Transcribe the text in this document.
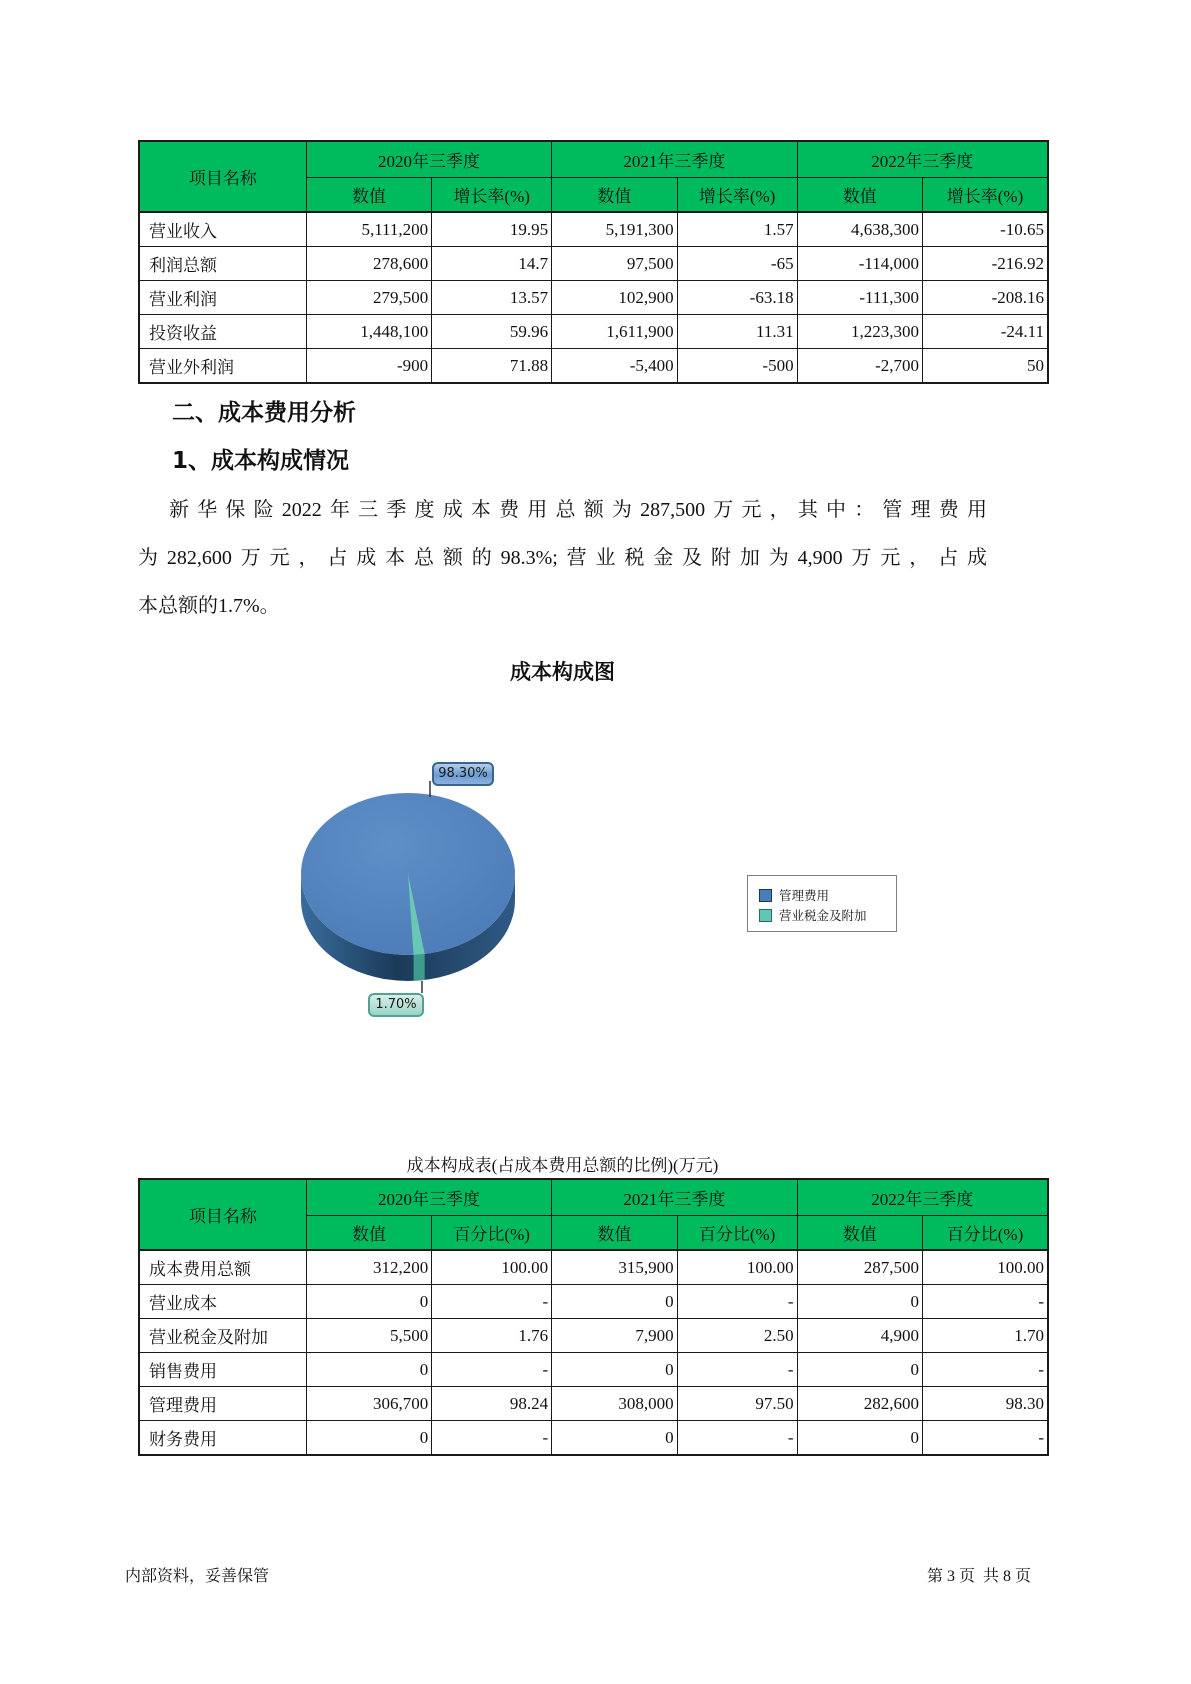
项目名称	2020年三季度		2021年三季度		2022年三季度	
	数值	增长率(%)	数值	增长率(%)	数值	增长率(%)
营业收入	5,111,200	19.95	5,191,300	1.57	4,638,300	-10.65
利润总额	278,600	14.7	97,500	-65	-114,000	-216.92
营业利润	279,500	13.57	102,900	-63.18	-111,300	-208.16
投资收益	1,448,100	59.96	1,611,900	11.31	1,223,300	-24.11
营业外利润	-900	71.88	-5,400	-500	-2,700	50
二、成本费用分析
1、成本构成情况
新华保险2022年三季度成本费用总额为287,500万元，其中：管理费用
为282,600万元，占成本总额的98.3%;营业税金及附加为4,900万元，占成
本总额的1.7%。
成本构成图
98.30%
1.70%
管理费用
营业税金及附加
成本构成表(占成本费用总额的比例)(万元)
项目名称	2020年三季度		2021年三季度		2022年三季度	
	数值	百分比(%)	数值	百分比(%)	数值	百分比(%)
成本费用总额	312,200	100.00	315,900	100.00	287,500	100.00
营业成本	0	-	0	-	0	-
营业税金及附加	5,500	1.76	7,900	2.50	4,900	1.70
销售费用	0	-	0	-	0	-
管理费用	306,700	98.24	308,000	97.50	282,600	98.30
财务费用	0	-	0	-	0	-
内部资料，妥善保管	第 3 页  共 8 页
